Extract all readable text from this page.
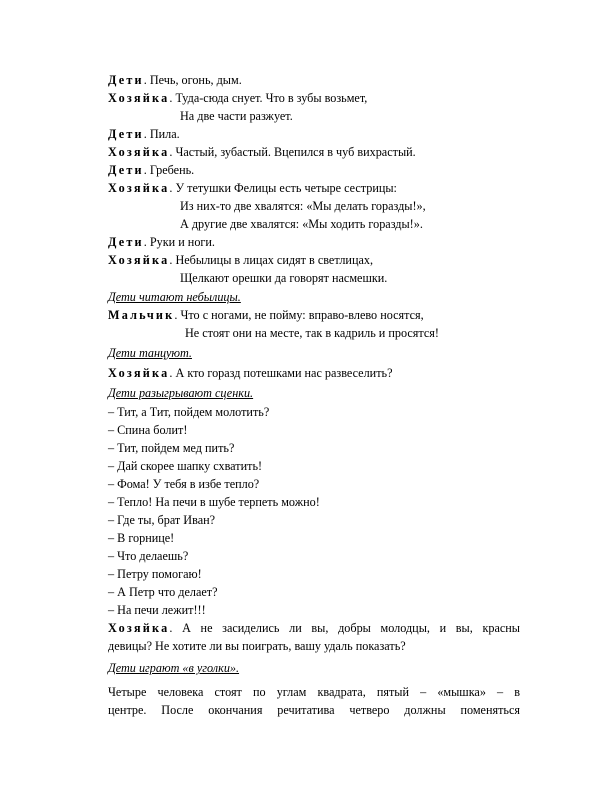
Дети. Печь, огонь, дым.
Хозяйка. Туда-сюда снует. Что в зубы возьмет,
На две части разжует.
Дети. Пила.
Хозяйка. Частый, зубастый. Вцепился в чуб вихрастый.
Дети. Гребень.
Хозяйка. У тетушки Фелицы есть четыре сестрицы:
Из них-то две хвалятся: «Мы делать горазды!»,
А другие две хвалятся: «Мы ходить горазды!».
Дети. Руки и ноги.
Хозяйка. Небылицы в лицах сидят в светлицах,
Щелкают орешки да говорят насмешки.
Дети читают небылицы.
Мальчик. Что с ногами, не пойму: вправо-влево носятся,
Не стоят они на месте, так в кадриль и просятся!
Дети танцуют.
Хозяйка. А кто горазд потешками нас развеселить?
Дети разыгрывают сценки.
– Тит, а Тит, пойдем молотить?
– Спина болит!
– Тит, пойдем мед пить?
– Дай скорее шапку схватить!
– Фома! У тебя в избе тепло?
– Тепло! На печи в шубе терпеть можно!
– Где ты, брат Иван?
– В горнице!
– Что делаешь?
– Петру помогаю!
– А Петр что делает?
– На печи лежит!!!
Хозяйка. А не засиделись ли вы, добры молодцы, и вы, красны
девицы? Не хотите ли вы поиграть, вашу удаль показать?
Дети играют «в уголки».
Четыре человека стоят по углам квадрата, пятый – «мышка» – в
центре. После окончания речитатива четверо должны поменяться
